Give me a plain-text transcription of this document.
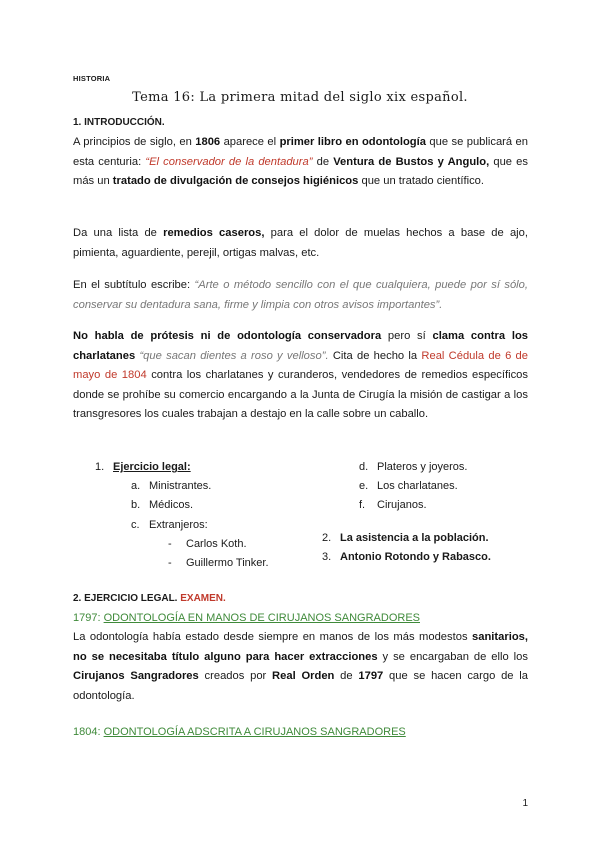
HISTORIA
Tema 16: La primera mitad del siglo xix español.
1. INTRODUCCIÓN.
A principios de siglo, en 1806 aparece el primer libro en odontología que se publicará en esta centuria: “El conservador de la dentadura” de Ventura de Bustos y Angulo, que es más un tratado de divulgación de consejos higiénicos que un tratado científico.
Da una lista de remedios caseros, para el dolor de muelas hechos a base de ajo, pimienta, aguardiente, perejil, ortigas malvas, etc.
En el subtítulo escribe: “Arte o método sencillo con el que cualquiera, puede por sí sólo, conservar su dentadura sana, firme y limpia con otros avisos importantes”.
No habla de prótesis ni de odontología conservadora pero sí clama contra los charlatanes “que sacan dientes a roso y velloso”. Cita de hecho la Real Cédula de 6 de mayo de 1804 contra los charlatanes y curanderos, vendedores de remedios específicos donde se prohíbe su comercio encargando a la Junta de Cirugía la misión de castigar a los transgresores los cuales trabajan a destajo en la calle sobre un caballo.
1. Ejercicio legal:
a. Ministrantes.
b. Médicos.
c. Extranjeros:
- Carlos Koth.
- Guillermo Tinker.
d. Plateros y joyeros.
e. Los charlatanes.
f. Cirujanos.
2. La asistencia a la población.
3. Antonio Rotondo y Rabasco.
2. EJERCICIO LEGAL. EXAMEN.
1797: ODONTOLOGÍA EN MANOS DE CIRUJANOS SANGRADORES
La odontología había estado desde siempre en manos de los más modestos sanitarios, no se necesitaba título alguno para hacer extracciones y se encargaban de ello los Cirujanos Sangradores creados por Real Orden de 1797 que se hacen cargo de la odontología.
1804: ODONTOLOGÍA ADSCRITA A CIRUJANOS SANGRADORES
1
